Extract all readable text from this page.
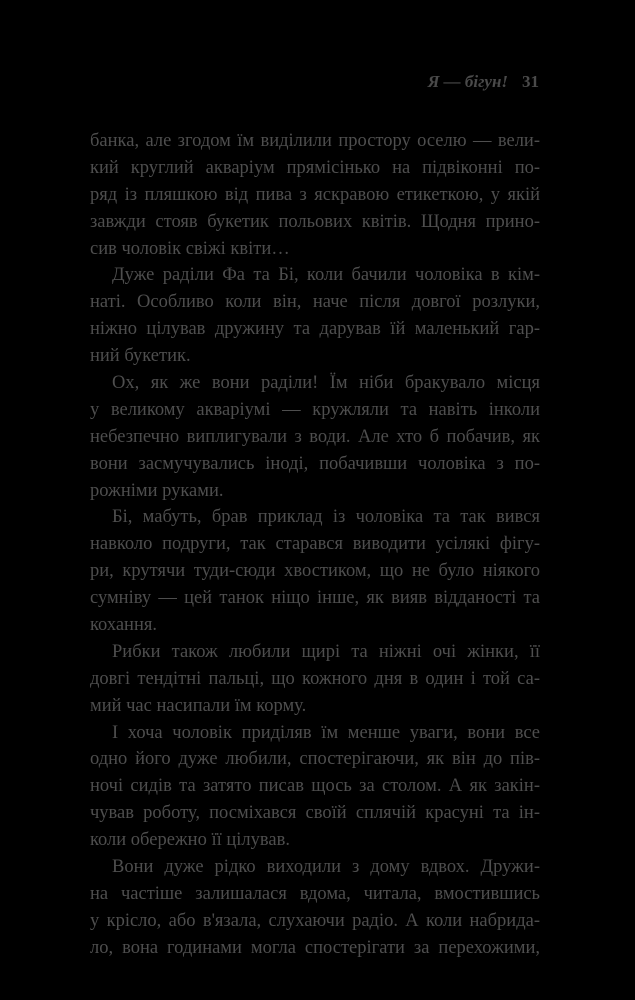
Я — бігун! 31
банка, але згодом їм виділили простору оселю — вели-
кий круглий акваріум прямісінько на підвіконні по-
ряд із пляшкою від пива з яскравою етикеткою, у якій
завжди стояв букетик польових квітів. Щодня прино-
сив чоловік свіжі квіти…
Дуже раділи Фа та Бі, коли бачили чоловіка в кім-
наті. Особливо коли він, наче після довгої розлуки,
ніжно цілував дружину та дарував їй маленький гар-
ний букетик.
Ох, як же вони раділи! Їм ніби бракувало місця
у великому акваріумі — кружляли та навіть інколи
небезпечно виплигували з води. Але хто б побачив, як
вони засмучувались іноді, побачивши чоловіка з по-
рожніми руками.
Бі, мабуть, брав приклад із чоловіка та так вився
навколо подруги, так старався виводити усілякі фігу-
ри, крутячи туди-сюди хвостиком, що не було ніякого
сумніву — цей танок ніщо інше, як вияв відданості та
кохання.
Рибки також любили щирі та ніжні очі жінки, її
довгі тендітні пальці, що кожного дня в один і той са-
мий час насипали їм корму.
І хоча чоловік приділяв їм менше уваги, вони все
одно його дуже любили, спостерігаючи, як він до пів-
ночі сидів та затято писав щось за столом. А як закін-
чував роботу, посміхався своїй сплячій красуні та ін-
коли обережно її цілував.
Вони дуже рідко виходили з дому вдвох. Дружи-
на частіше залишалася вдома, читала, вмостившись
у крісло, або в'язала, слухаючи радіо. А коли набрида-
ло, вона годинами могла спостерігати за перехожими,
